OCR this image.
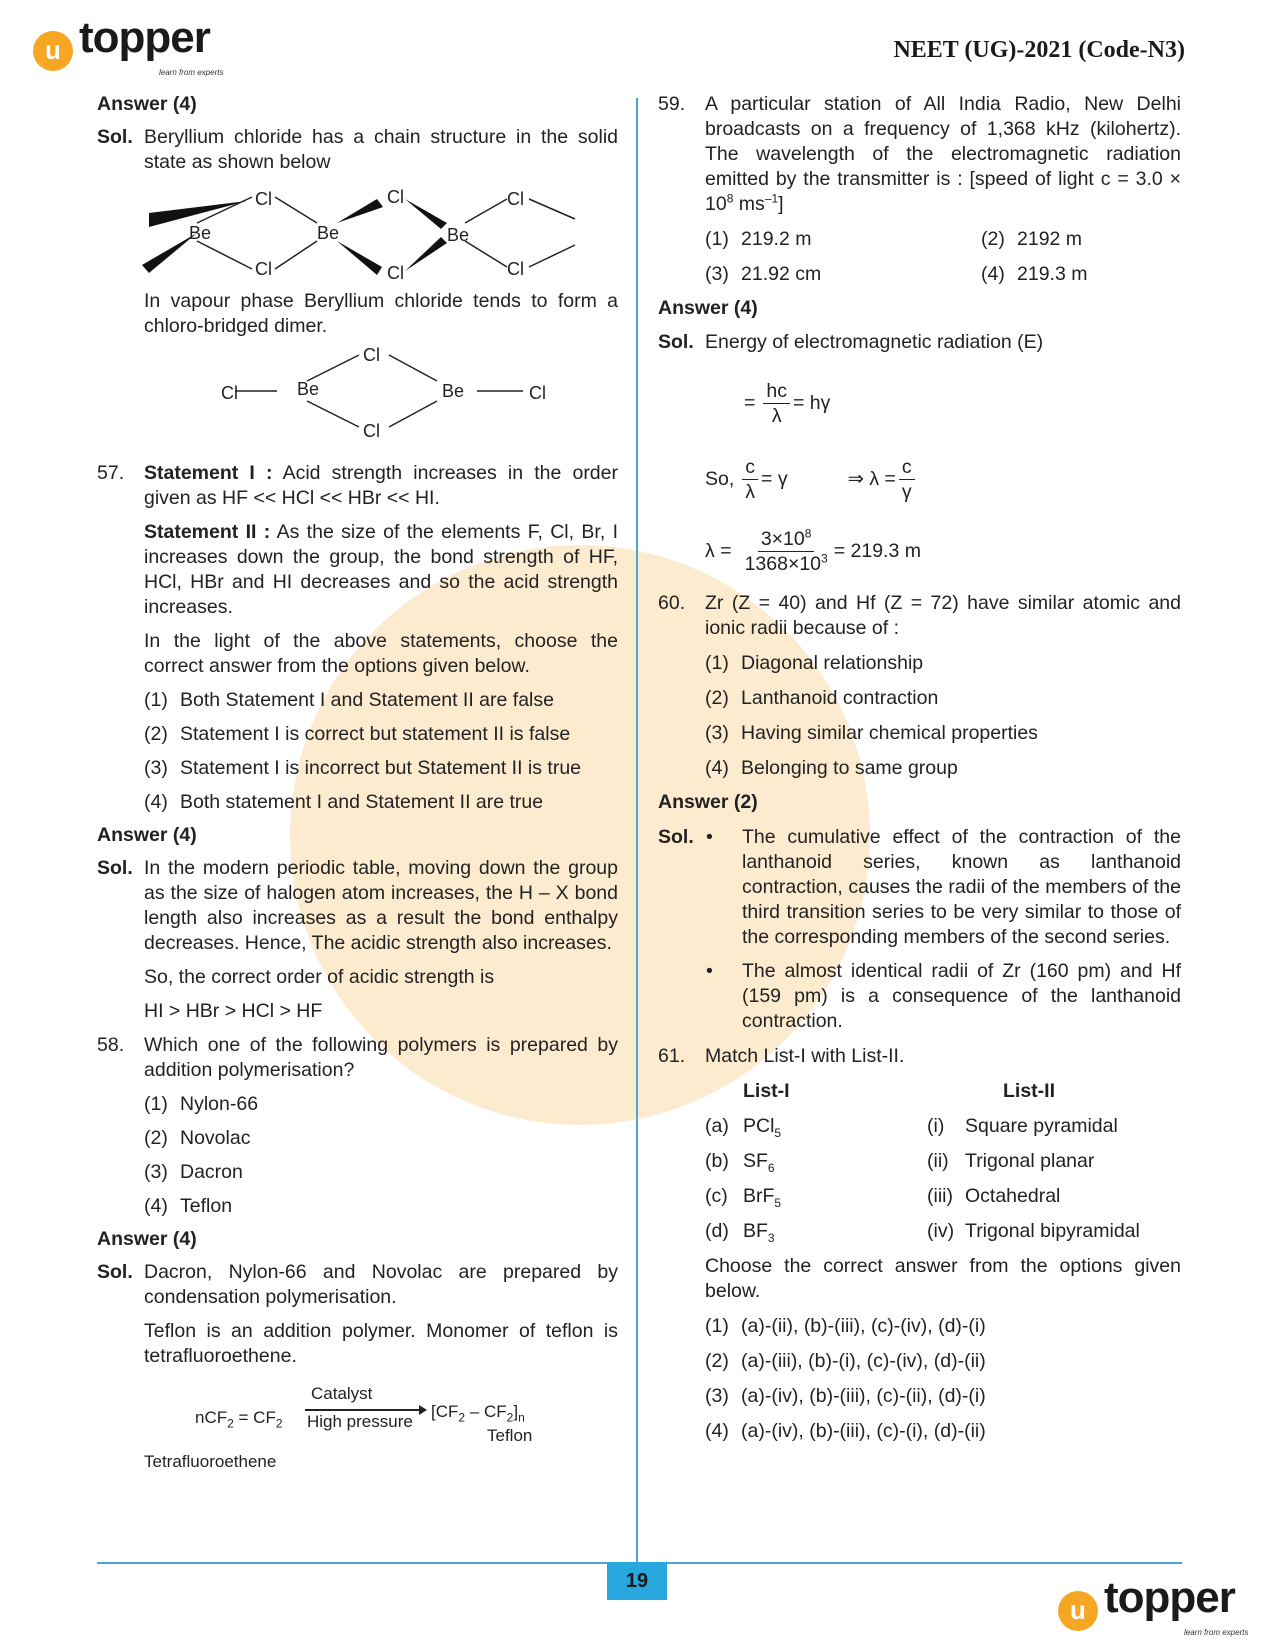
u topper
learn from experts
NEET (UG)-2021 (Code-N3)

Answer (4)

Sol. Beryllium chloride has a chain structure in the solid state as shown below

Be	Be	Be
Cl
Cl
Cl
Cl
Cl
Cl

In vapour phase Beryllium chloride tends to form a chloro-bridged dimer.

Cl	Be
Cl
Cl
Be	Cl
57. Statement I : Acid strength increases in the order given as HF << HCl << HBr << HI.

Statement II : As the size of the elements F, Cl, Br, I increases down the group, the bond strength of HF, HCl, HBr and HI decreases and so the acid strength increases.

In the light of the above statements, choose the correct answer from the options given below.

(1) Both Statement I and Statement II are false

(2) Statement I is correct but statement II is false

(3) Statement I is incorrect but Statement II is true

(4) Both statement I and Statement II are true

Answer (4)

Sol. In the modern periodic table, moving down the group as the size of halogen atom increases, the H – X bond length also increases as a result the bond enthalpy decreases. Hence, The acidic strength also increases.

So, the correct order of acidic strength is

HI > HBr > HCl > HF

58. Which one of the following polymers is prepared by addition polymerisation?

(1) Nylon-66

(2) Novolac

(3) Dacron

(4) Teflon

Answer (4)

Sol. Dacron, Nylon-66 and Novolac are prepared by condensation polymerisation.

Teflon is an addition polymer. Monomer of teflon is tetrafluoroethene.

$nCF_2 = CF_2$
Catalyst
High pressure
$[CF_2 - CF_2]_n$
Teflon
Tetrafluoroethene
59. A particular station of All India Radio, New Delhi broadcasts on a frequency of 1,368 kHz (kilohertz). The wavelength of the electromagnetic radiation emitted by the transmitter is : [speed of light $c = 3.0 \times 10^8$ $ms^{-1}$]

(1) 219.2 m	(2) 2192 m

(3) 21.92 cm	(4) 219.3 m

Answer (4)

Sol. Energy of electromagnetic radiation (E)

= $\frac{hc}{\lambda} = h\gamma$
So, $\frac{c}{\lambda} = \gamma$	⇒ $\lambda = \frac{c}{\gamma}$
$\lambda = \frac{3\times 10^8}{1368\times 10^3} = 219.3$ m
60. Zr (Z = 40) and Hf (Z = 72) have similar atomic and ionic radii because of :

(1) Diagonal relationship

(2) Lanthanoid contraction

(3) Having similar chemical properties

(4) Belonging to same group

Answer (2)

Sol. • The cumulative effect of the contraction of the lanthanoid series, known as lanthanoid contraction, causes the radii of the members of the third transition series to be very similar to those of the corresponding members of the second series.

• The almost identical radii of Zr (160 pm) and Hf (159 pm) is a consequence of the lanthanoid contraction.

61. Match List-I with List-II.

List-I	List-II
(a) PCl$_5$	(i)	Square pyramidal
(b) $SF_6$	(ii) Trigonal planar
(c) BrF$_5$	(iii) Octahedral
(d) $BF_3$	(iv) Trigonal bipyramidal

Choose the correct answer from the options given below.

(1) (a)-(ii), (b)-(iii), (c)-(iv), (d)-(i)

(2) (a)-(iii), (b)-(i), (c)-(iv), (d)-(ii)

(3) (a)-(iv), (b)-(iii), (c)-(ii), (d)-(i)

(4) (a)-(iv), (b)-(iii), (c)-(i), (d)-(ii)

19
u topper
learn from experts
